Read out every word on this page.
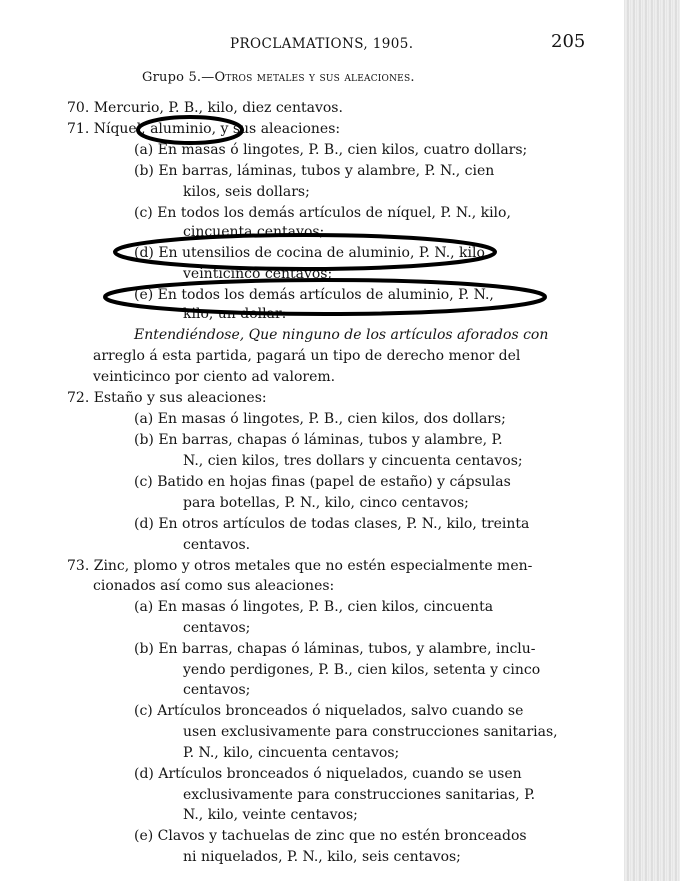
PROCLAMATIONS, 1905.	205
Grupo 5.—Otros metales y sus aleaciones.
70. Mercurio, P. B., kilo, diez centavos.
71. Níquel, aluminio, y sus aleaciones:
(a) En masas ó lingotes, P. B., cien kilos, cuatro dollars;
(b) En barras, láminas, tubos y alambre, P. N., cien
kilos, seis dollars;
(c) En todos los demás artículos de níquel, P. N., kilo,
cincuenta centavos;
(d) En utensilios de cocina de aluminio, P. N., kilo,
veinticinco centavos;
(e) En todos los demás artículos de aluminio, P. N.,
kilo, un dollar:
Entendiéndose, Que ninguno de los artículos aforados con
arreglo á esta partida, pagará un tipo de derecho menor del
veinticinco por ciento ad valorem.
72. Estaño y sus aleaciones:
(a) En masas ó lingotes, P. B., cien kilos, dos dollars;
(b) En barras, chapas ó láminas, tubos y alambre, P.
N., cien kilos, tres dollars y cincuenta centavos;
(c) Batido en hojas finas (papel de estaño) y cápsulas
para botellas, P. N., kilo, cinco centavos;
(d) En otros artículos de todas clases, P. N., kilo, treinta
centavos.
73. Zinc, plomo y otros metales que no estén especialmente men-
cionados así como sus aleaciones:
(a) En masas ó lingotes, P. B., cien kilos, cincuenta
centavos;
(b) En barras, chapas ó láminas, tubos, y alambre, inclu-
yendo perdigones, P. B., cien kilos, setenta y cinco
centavos;
(c) Artículos bronceados ó niquelados, salvo cuando se
usen exclusivamente para construcciones sanitarias,
P. N., kilo, cincuenta centavos;
(d) Artículos bronceados ó niquelados, cuando se usen
exclusivamente para construcciones sanitarias, P.
N., kilo, veinte centavos;
(e) Clavos y tachuelas de zinc que no estén bronceados
ni niquelados, P. N., kilo, seis centavos;
